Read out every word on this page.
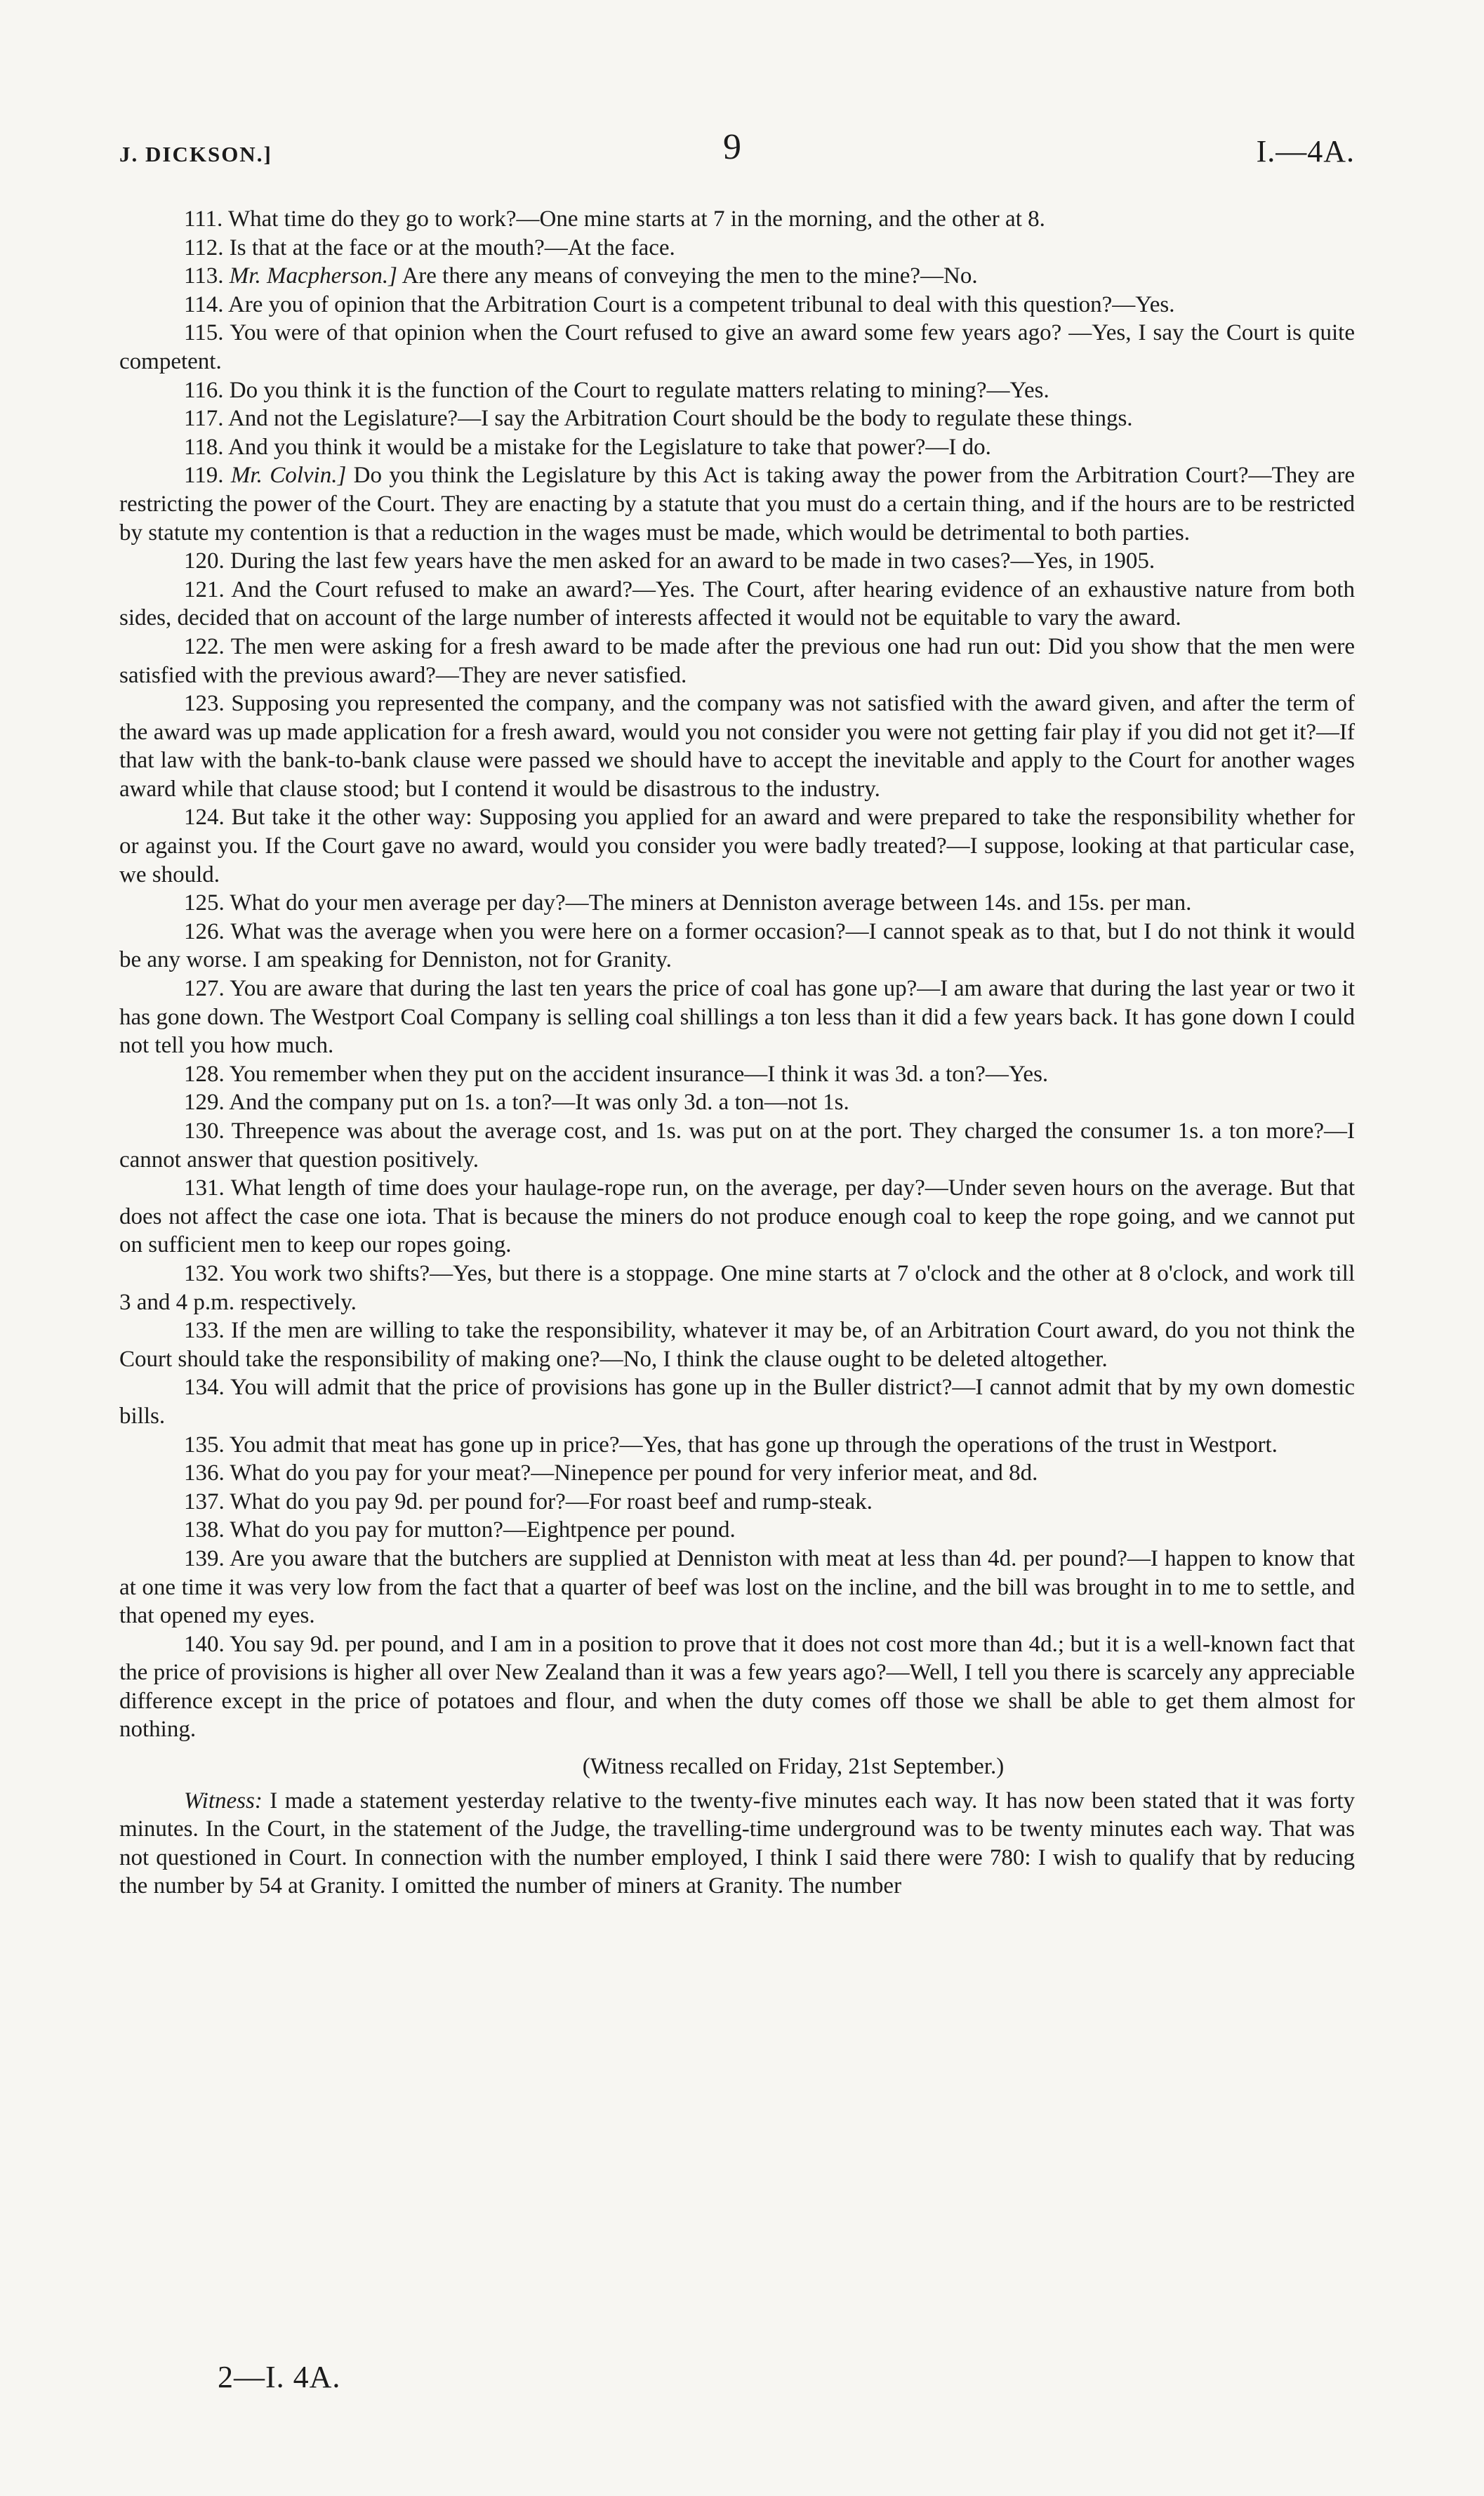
J. DICKSON.]	9	I.—4A.

111. What time do they go to work?—One mine starts at 7 in the morning, and the other at 8.

112. Is that at the face or at the mouth?—At the face.

113. Mr. Macpherson.] Are there any means of conveying the men to the mine?—No.

114. Are you of opinion that the Arbitration Court is a competent tribunal to deal with this question?—Yes.

115. You were of that opinion when the Court refused to give an award some few years ago? —Yes, I say the Court is quite competent.

116. Do you think it is the function of the Court to regulate matters relating to mining?—Yes.

117. And not the Legislature?—I say the Arbitration Court should be the body to regulate these things.

118. And you think it would be a mistake for the Legislature to take that power?—I do.

119. Mr. Colvin.] Do you think the Legislature by this Act is taking away the power from the Arbitration Court?—They are restricting the power of the Court. They are enacting by a statute that you must do a certain thing, and if the hours are to be restricted by statute my contention is that a reduction in the wages must be made, which would be detrimental to both parties.

120. During the last few years have the men asked for an award to be made in two cases?—Yes, in 1905.

121. And the Court refused to make an award?—Yes. The Court, after hearing evidence of an exhaustive nature from both sides, decided that on account of the large number of interests affected it would not be equitable to vary the award.

122. The men were asking for a fresh award to be made after the previous one had run out: Did you show that the men were satisfied with the previous award?—They are never satisfied.

123. Supposing you represented the company, and the company was not satisfied with the award given, and after the term of the award was up made application for a fresh award, would you not consider you were not getting fair play if you did not get it?—If that law with the bank-to-bank clause were passed we should have to accept the inevitable and apply to the Court for another wages award while that clause stood; but I contend it would be disastrous to the industry.

124. But take it the other way: Supposing you applied for an award and were prepared to take the responsibility whether for or against you. If the Court gave no award, would you consider you were badly treated?—I suppose, looking at that particular case, we should.

125. What do your men average per day?—The miners at Denniston average between 14s. and 15s. per man.

126. What was the average when you were here on a former occasion?—I cannot speak as to that, but I do not think it would be any worse. I am speaking for Denniston, not for Granity.

127. You are aware that during the last ten years the price of coal has gone up?—I am aware that during the last year or two it has gone down. The Westport Coal Company is selling coal shillings a ton less than it did a few years back. It has gone down I could not tell you how much.

128. You remember when they put on the accident insurance—I think it was 3d. a ton?—Yes.

129. And the company put on 1s. a ton?—It was only 3d. a ton—not 1s.

130. Threepence was about the average cost, and 1s. was put on at the port. They charged the consumer 1s. a ton more?—I cannot answer that question positively.

131. What length of time does your haulage-rope run, on the average, per day?—Under seven hours on the average. But that does not affect the case one iota. That is because the miners do not produce enough coal to keep the rope going, and we cannot put on sufficient men to keep our ropes going.

132. You work two shifts?—Yes, but there is a stoppage. One mine starts at 7 o'clock and the other at 8 o'clock, and work till 3 and 4 p.m. respectively.

133. If the men are willing to take the responsibility, whatever it may be, of an Arbitration Court award, do you not think the Court should take the responsibility of making one?—No, I think the clause ought to be deleted altogether.

134. You will admit that the price of provisions has gone up in the Buller district?—I cannot admit that by my own domestic bills.

135. You admit that meat has gone up in price?—Yes, that has gone up through the operations of the trust in Westport.

136. What do you pay for your meat?—Ninepence per pound for very inferior meat, and 8d.

137. What do you pay 9d. per pound for?—For roast beef and rump-steak.

138. What do you pay for mutton?—Eightpence per pound.

139. Are you aware that the butchers are supplied at Denniston with meat at less than 4d. per pound?—I happen to know that at one time it was very low from the fact that a quarter of beef was lost on the incline, and the bill was brought in to me to settle, and that opened my eyes.

140. You say 9d. per pound, and I am in a position to prove that it does not cost more than 4d.; but it is a well-known fact that the price of provisions is higher all over New Zealand than it was a few years ago?—Well, I tell you there is scarcely any appreciable difference except in the price of potatoes and flour, and when the duty comes off those we shall be able to get them almost for nothing.

(Witness recalled on Friday, 21st September.)

Witness: I made a statement yesterday relative to the twenty-five minutes each way. It has now been stated that it was forty minutes. In the Court, in the statement of the Judge, the travelling-time underground was to be twenty minutes each way. That was not questioned in Court. In connection with the number employed, I think I said there were 780: I wish to qualify that by reducing the number by 54 at Granity. I omitted the number of miners at Granity. The number

2—I. 4A.
